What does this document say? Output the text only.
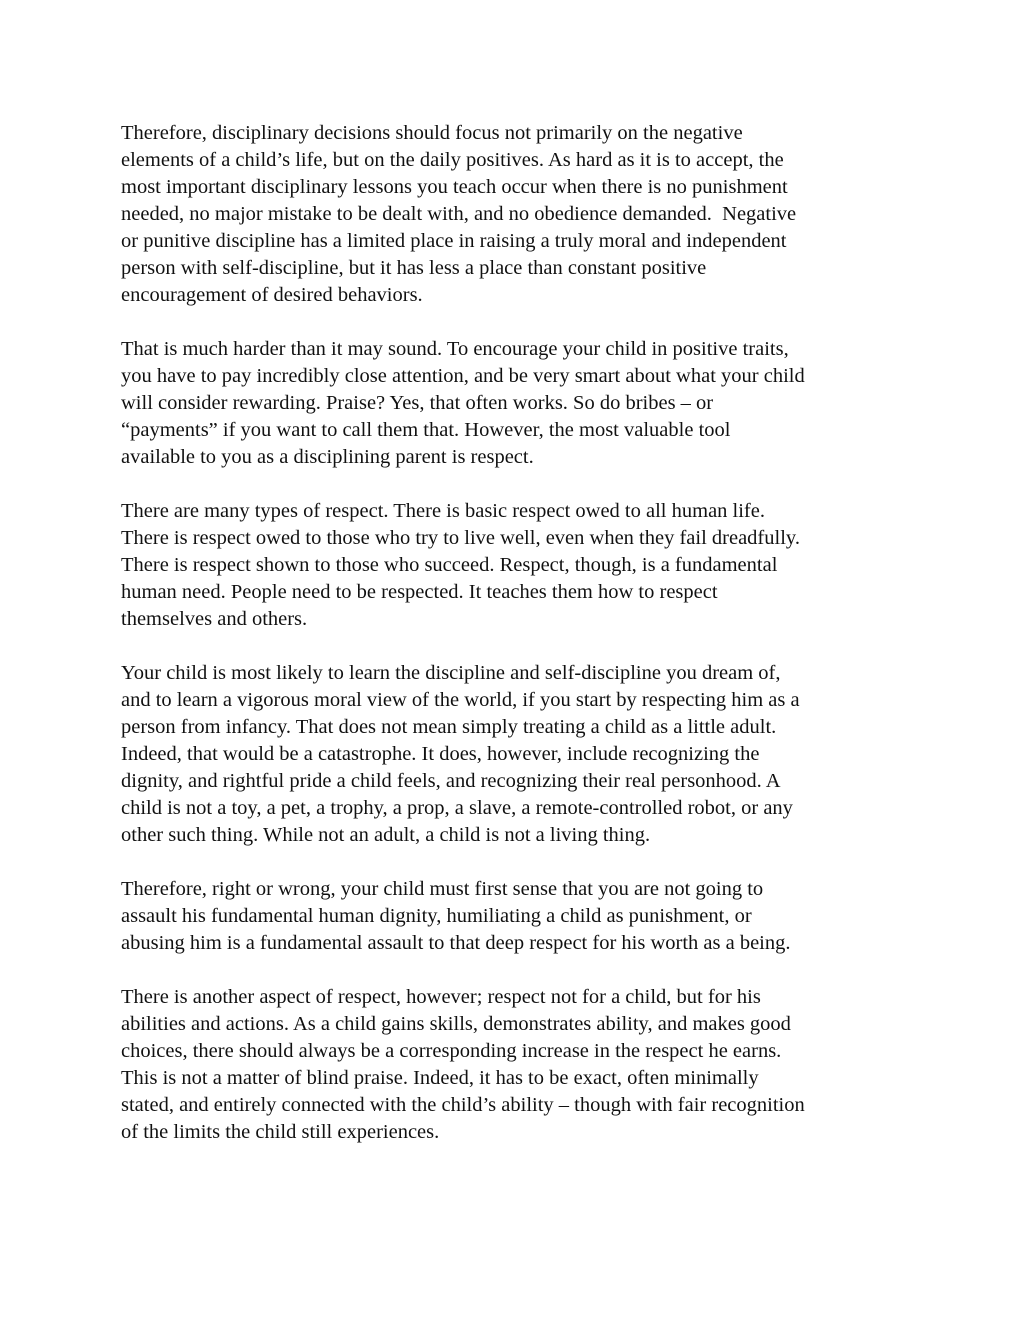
Therefore, disciplinary decisions should focus not primarily on the negative
elements of a child’s life, but on the daily positives. As hard as it is to accept, the
most important disciplinary lessons you teach occur when there is no punishment
needed, no major mistake to be dealt with, and no obedience demanded.  Negative
or punitive discipline has a limited place in raising a truly moral and independent
person with self-discipline, but it has less a place than constant positive
encouragement of desired behaviors.

That is much harder than it may sound. To encourage your child in positive traits,
you have to pay incredibly close attention, and be very smart about what your child
will consider rewarding. Praise? Yes, that often works. So do bribes – or
“payments” if you want to call them that. However, the most valuable tool
available to you as a disciplining parent is respect.

There are many types of respect. There is basic respect owed to all human life.
There is respect owed to those who try to live well, even when they fail dreadfully.
There is respect shown to those who succeed. Respect, though, is a fundamental
human need. People need to be respected. It teaches them how to respect
themselves and others.

Your child is most likely to learn the discipline and self-discipline you dream of,
and to learn a vigorous moral view of the world, if you start by respecting him as a
person from infancy. That does not mean simply treating a child as a little adult.
Indeed, that would be a catastrophe. It does, however, include recognizing the
dignity, and rightful pride a child feels, and recognizing their real personhood. A
child is not a toy, a pet, a trophy, a prop, a slave, a remote-controlled robot, or any
other such thing. While not an adult, a child is not a living thing.

Therefore, right or wrong, your child must first sense that you are not going to
assault his fundamental human dignity, humiliating a child as punishment, or
abusing him is a fundamental assault to that deep respect for his worth as a being.

There is another aspect of respect, however; respect not for a child, but for his
abilities and actions. As a child gains skills, demonstrates ability, and makes good
choices, there should always be a corresponding increase in the respect he earns.
This is not a matter of blind praise. Indeed, it has to be exact, often minimally
stated, and entirely connected with the child’s ability – though with fair recognition
of the limits the child still experiences.
